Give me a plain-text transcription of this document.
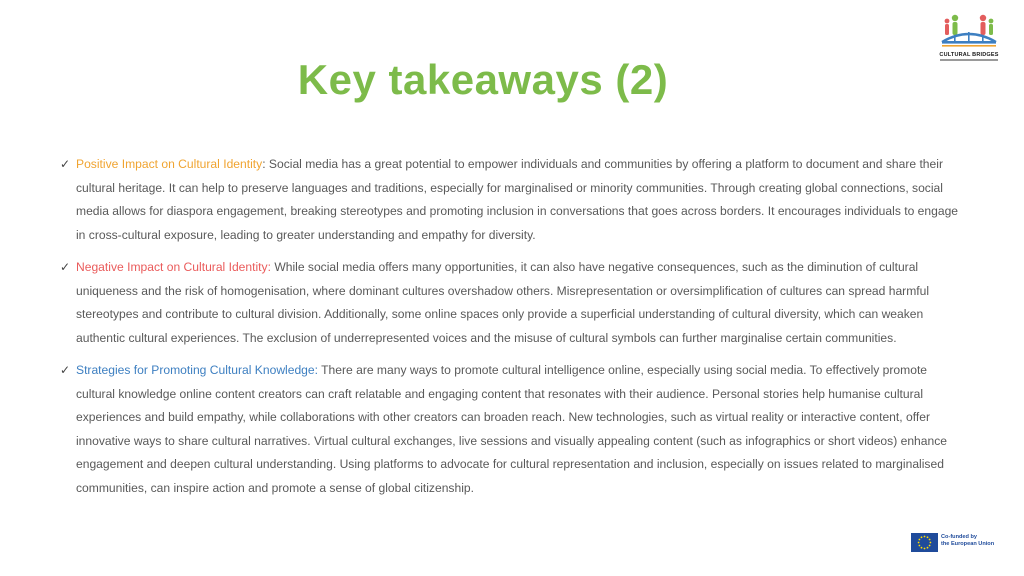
CULTURAL BRIDGES
Key takeaways (2)
✓ Positive Impact on Cultural Identity: Social media has a great potential to empower individuals and communities by offering a platform to document and share their cultural heritage. It can help to preserve languages and traditions, especially for marginalised or minority communities. Through creating global connections, social media allows for diaspora engagement, breaking stereotypes and promoting inclusion in conversations that goes across borders. It encourages individuals to engage in cross-cultural exposure, leading to greater understanding and empathy for diversity.
✓ Negative Impact on Cultural Identity: While social media offers many opportunities, it can also have negative consequences, such as the diminution of cultural uniqueness and the risk of homogenisation, where dominant cultures overshadow others. Misrepresentation or oversimplification of cultures can spread harmful stereotypes and contribute to cultural division. Additionally, some online spaces only provide a superficial understanding of cultural diversity, which can weaken authentic cultural experiences. The exclusion of underrepresented voices and the misuse of cultural symbols can further marginalise certain communities.
✓ Strategies for Promoting Cultural Knowledge: There are many ways to promote cultural intelligence online, especially using social media. To effectively promote cultural knowledge online content creators can craft relatable and engaging content that resonates with their audience. Personal stories help humanise cultural experiences and build empathy, while collaborations with other creators can broaden reach. New technologies, such as virtual reality or interactive content, offer innovative ways to share cultural narratives. Virtual cultural exchanges, live sessions and visually appealing content (such as infographics or short videos) enhance engagement and deepen cultural understanding. Using platforms to advocate for cultural representation and inclusion, especially on issues related to marginalised communities, can inspire action and promote a sense of global citizenship.
Co-funded by
the European Union
